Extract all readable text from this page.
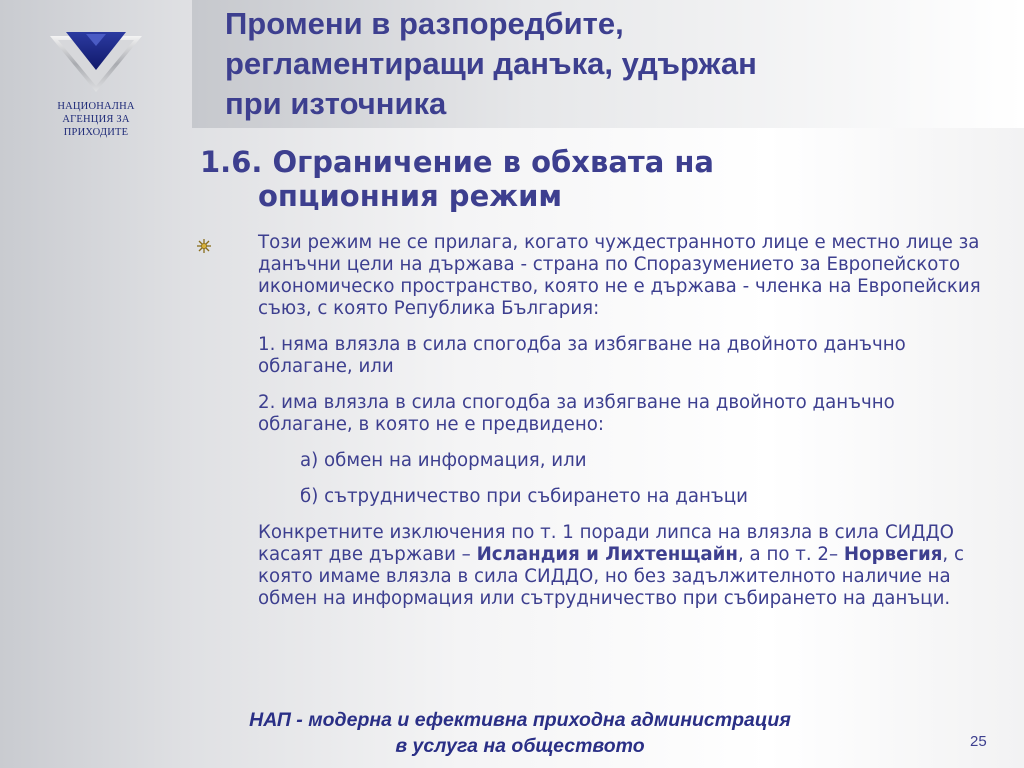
НАЦИОНАЛНА
АГЕНЦИЯ ЗА
ПРИХОДИТЕ
Промени в разпоредбите,
регламентиращи данъка, удържан
при източника
1.6. Ограничение в обхвата на
опционния режим

Този режим не се прилага, когато чуждестранното лице е местно лице за данъчни цели на държава - страна по Споразумението за Европейското икономическо пространство, която не е държава - членка на Европейския съюз, с която Република България:

1. няма влязла в сила спогодба за избягване на двойното данъчно облагане, или

2. има влязла в сила спогодба за избягване на двойното данъчно облагане, в която не е предвидено:

а) обмен на информация, или

б) сътрудничество при събирането на данъци

Конкретните изключения по т. 1 поради липса на влязла в сила СИДДО касаят две държави – Исландия и Лихтенщайн, а по т. 2– Норвегия, с която имаме влязла в сила СИДДО, но без задължителното наличие на обмен на информация или сътрудничество при събирането на данъци.

НАП - модерна и ефективна приходна администрация
в услуга на обществото	25
